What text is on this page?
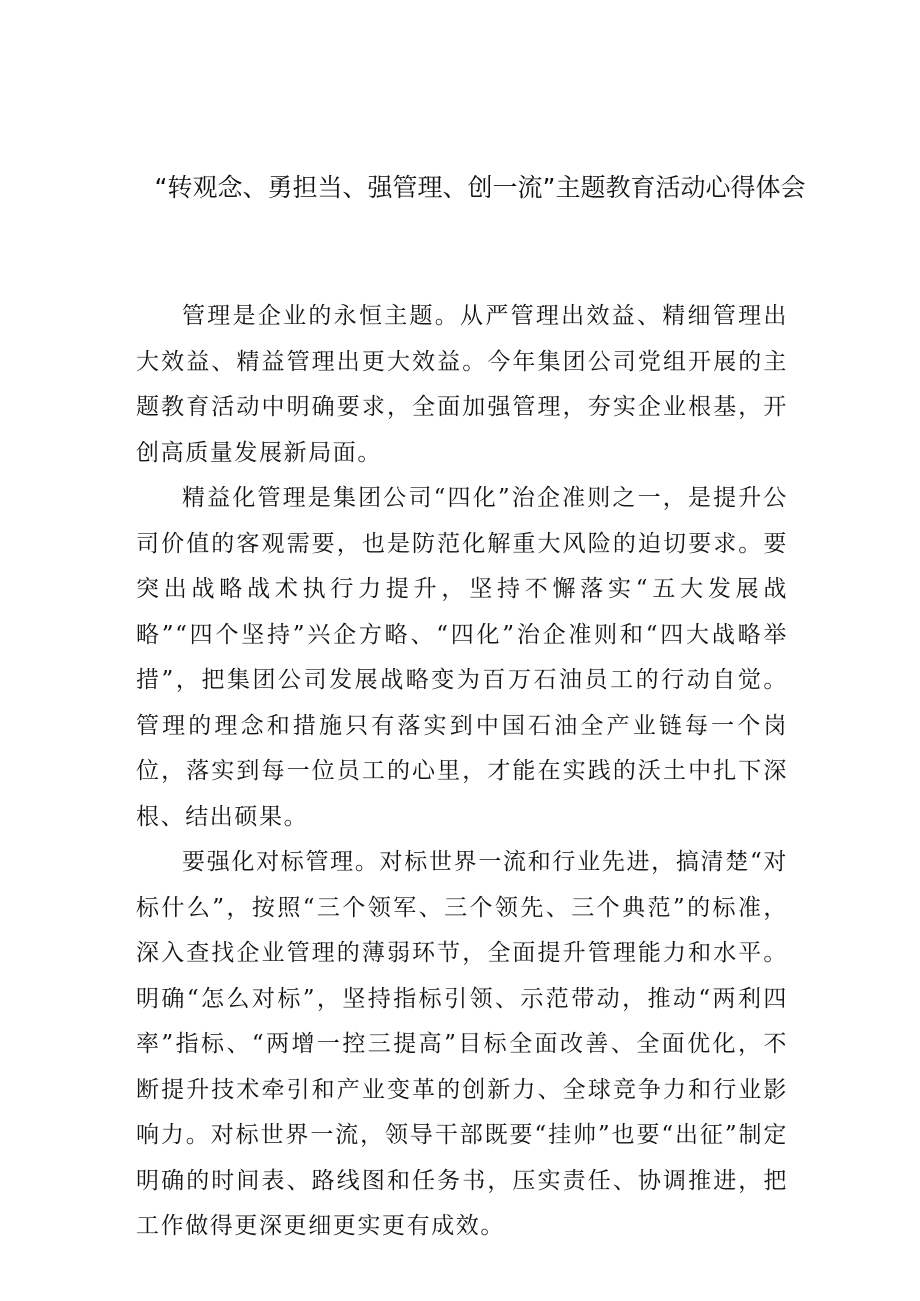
“转观念、勇担当、强管理、创一流”主题教育活动心得体会

管理是企业的永恒主题。从严管理出效益、精细管理出大效益、精益管理出更大效益。今年集团公司党组开展的主题教育活动中明确要求，全面加强管理，夯实企业根基，开创高质量发展新局面。

精益化管理是集团公司“四化”治企准则之一，是提升公司价值的客观需要，也是防范化解重大风险的迫切要求。要突出战略战术执行力提升，坚持不懈落实“五大发展战略”“四个坚持”兴企方略、“四化”治企准则和“四大战略举措”，把集团公司发展战略变为百万石油员工的行动自觉。管理的理念和措施只有落实到中国石油全产业链每一个岗位，落实到每一位员工的心里，才能在实践的沃土中扎下深根、结出硕果。

要强化对标管理。对标世界一流和行业先进，搞清楚“对标什么”，按照“三个领军、三个领先、三个典范”的标准，深入查找企业管理的薄弱环节，全面提升管理能力和水平。明确“怎么对标”，坚持指标引领、示范带动，推动“两利四率”指标、“两增一控三提高”目标全面改善、全面优化，不断提升技术牵引和产业变革的创新力、全球竞争力和行业影响力。对标世界一流，领导干部既要“挂帅”也要“出征”制定明确的时间表、路线图和任务书，压实责任、协调推进，把工作做得更深更细更实更有成效。
